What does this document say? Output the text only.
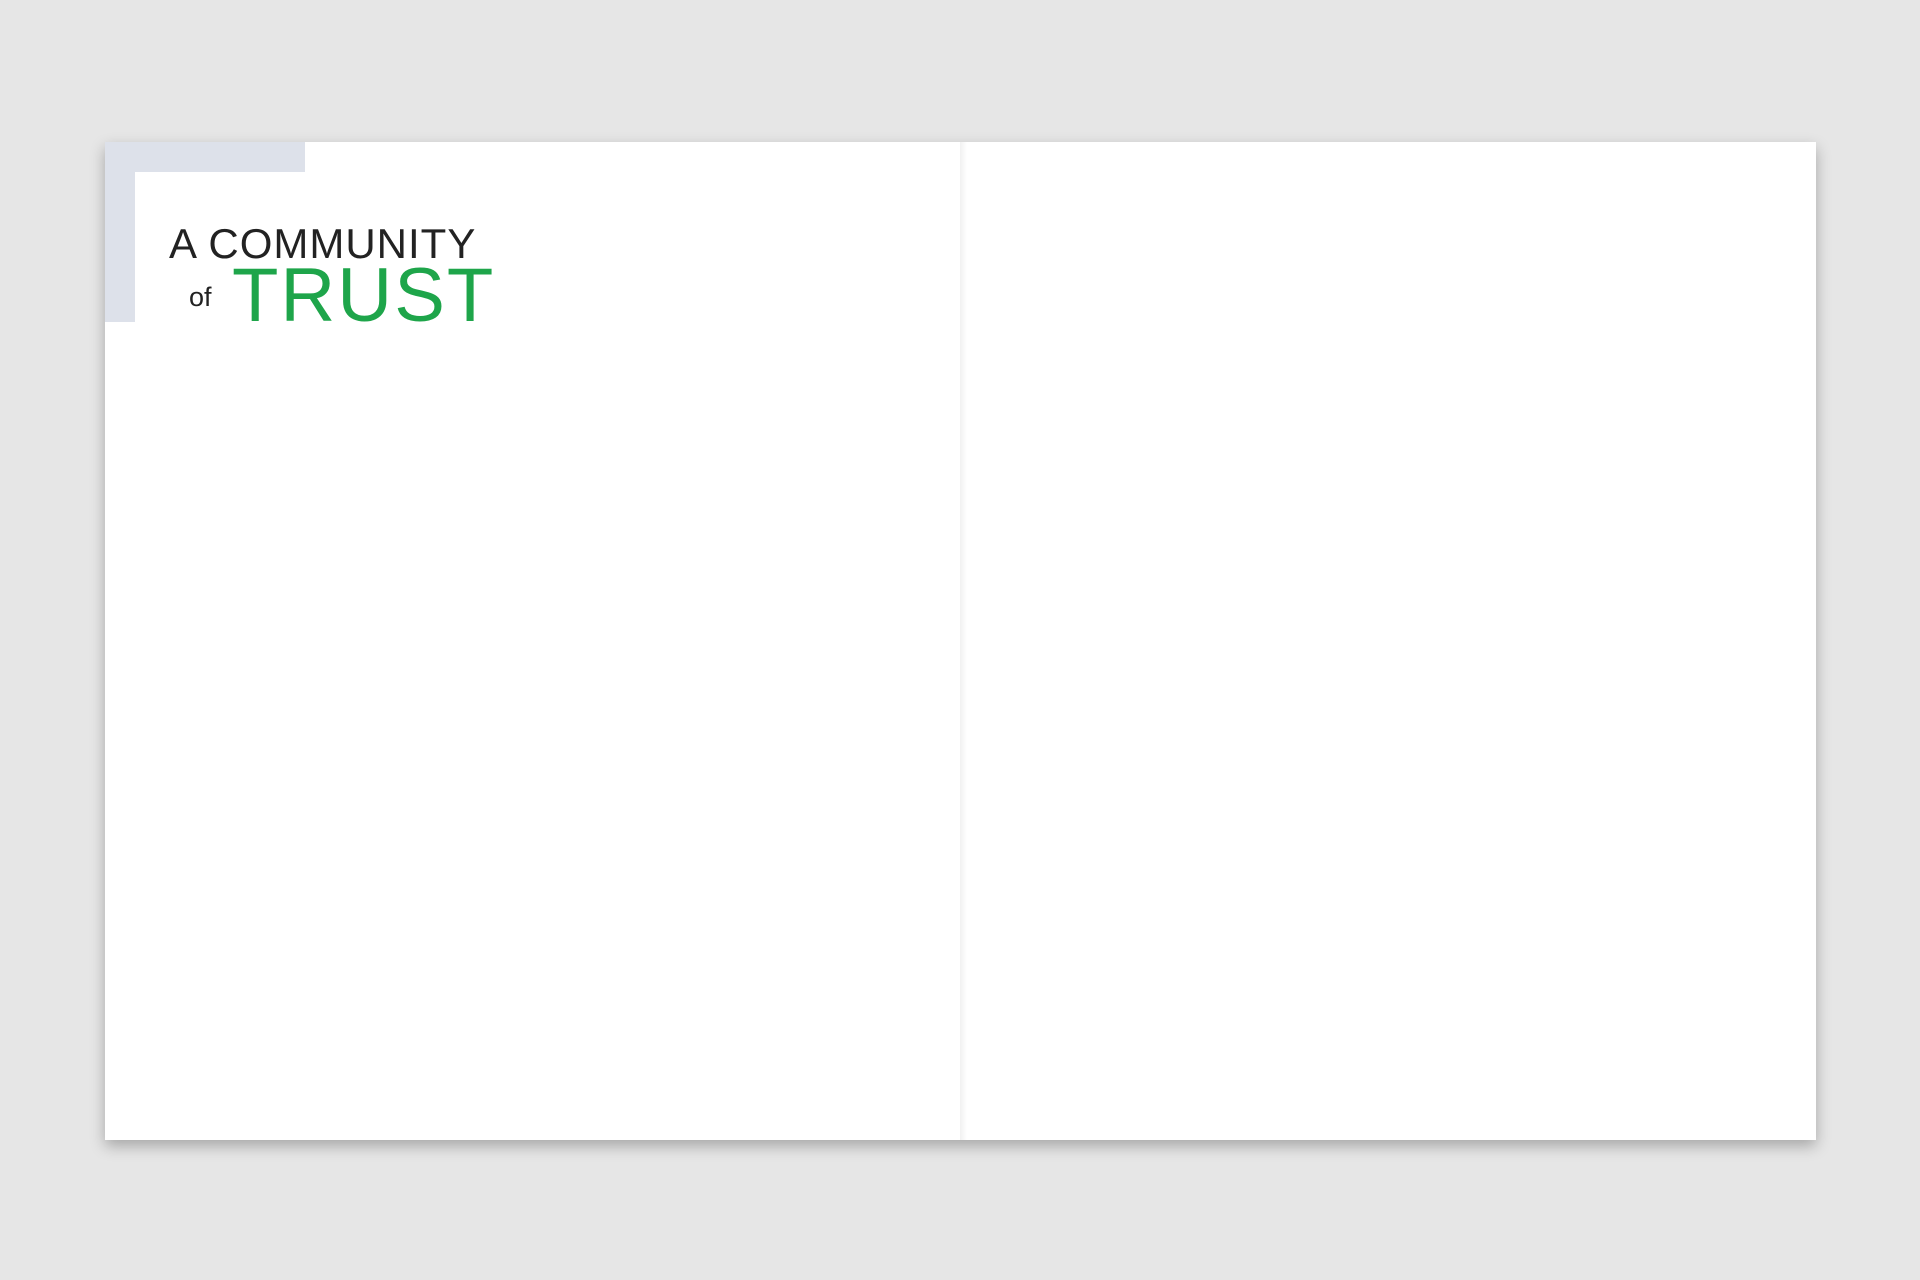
A COMMUNITY
of TRUST
